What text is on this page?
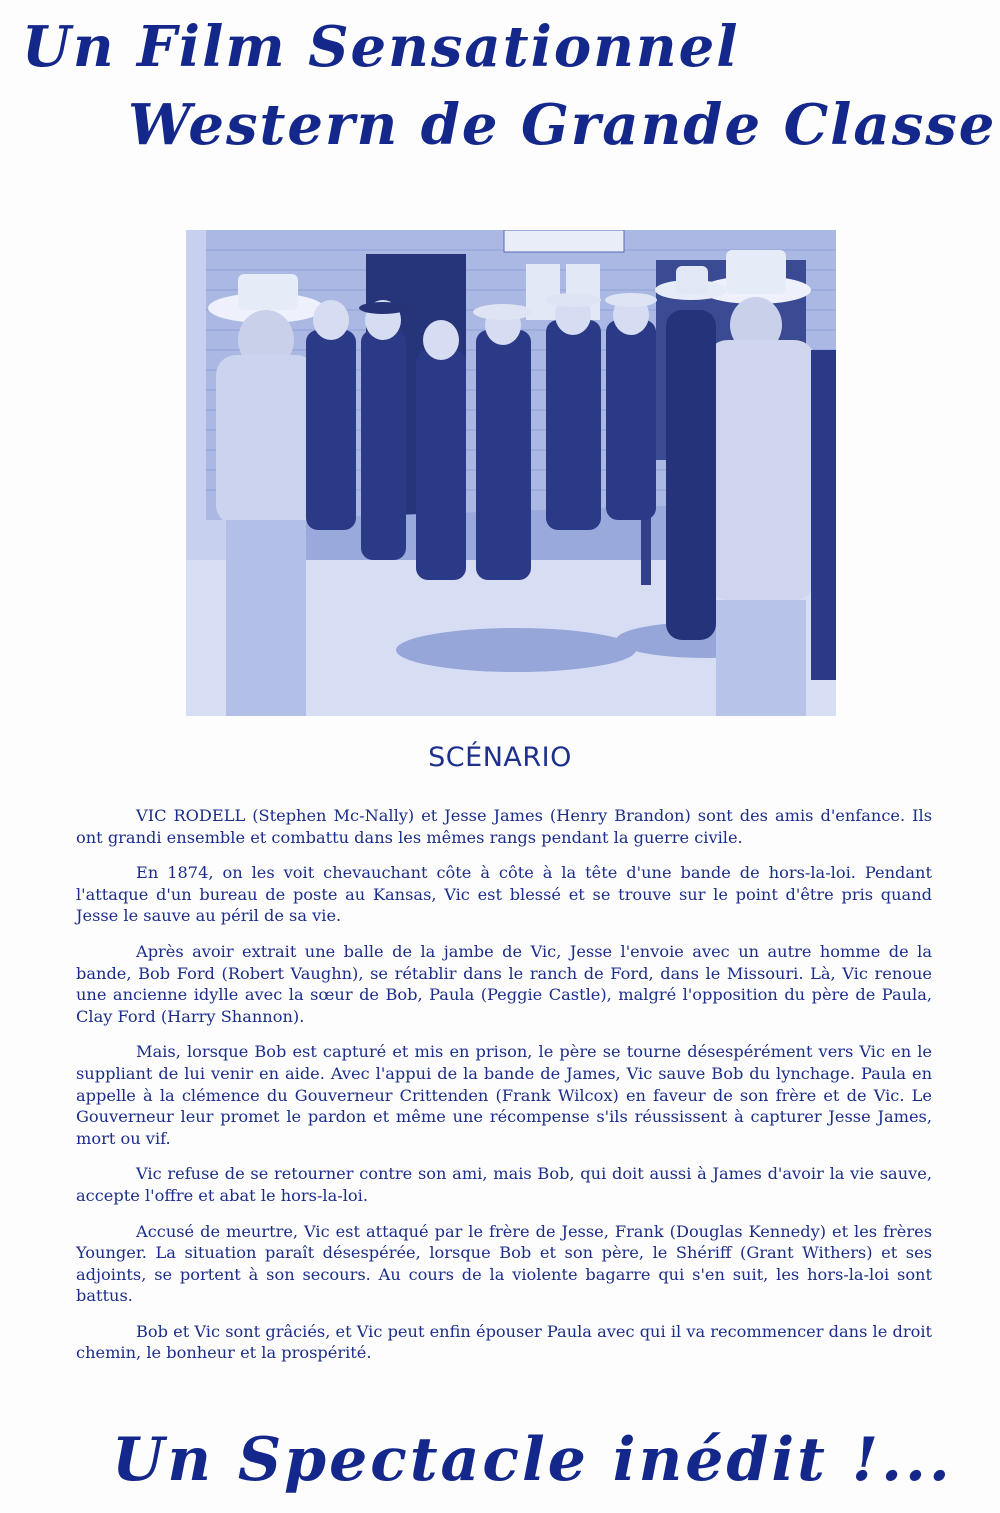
Un Film Sensationnel
Western de Grande Classe
SCÉNARIO

VIC RODELL (Stephen Mc-Nally) et Jesse James (Henry Brandon) sont des amis d'enfance. Ils ont grandi ensemble et combattu dans les mêmes rangs pendant la guerre civile.

En 1874, on les voit chevauchant côte à côte à la tête d'une bande de hors-la-loi. Pendant l'attaque d'un bureau de poste au Kansas, Vic est blessé et se trouve sur le point d'être pris quand Jesse le sauve au péril de sa vie.

Après avoir extrait une balle de la jambe de Vic, Jesse l'envoie avec un autre homme de la bande, Bob Ford (Robert Vaughn), se rétablir dans le ranch de Ford, dans le Missouri. Là, Vic renoue une ancienne idylle avec la sœur de Bob, Paula (Peggie Castle), malgré l'opposition du père de Paula, Clay Ford (Harry Shannon).

Mais, lorsque Bob est capturé et mis en prison, le père se tourne désespérément vers Vic en le suppliant de lui venir en aide. Avec l'appui de la bande de James, Vic sauve Bob du lynchage. Paula en appelle à la clémence du Gouverneur Crittenden (Frank Wilcox) en faveur de son frère et de Vic. Le Gouverneur leur promet le pardon et même une récompense s'ils réussissent à capturer Jesse James, mort ou vif.

Vic refuse de se retourner contre son ami, mais Bob, qui doit aussi à James d'avoir la vie sauve, accepte l'offre et abat le hors-la-loi.

Accusé de meurtre, Vic est attaqué par le frère de Jesse, Frank (Douglas Kennedy) et les frères Younger. La situation paraît désespérée, lorsque Bob et son père, le Shériff (Grant Withers) et ses adjoints, se portent à son secours. Au cours de la violente bagarre qui s'en suit, les hors-la-loi sont battus.

Bob et Vic sont grâciés, et Vic peut enfin épouser Paula avec qui il va recommencer dans le droit chemin, le bonheur et la prospérité.

Un Spectacle inédit !...
